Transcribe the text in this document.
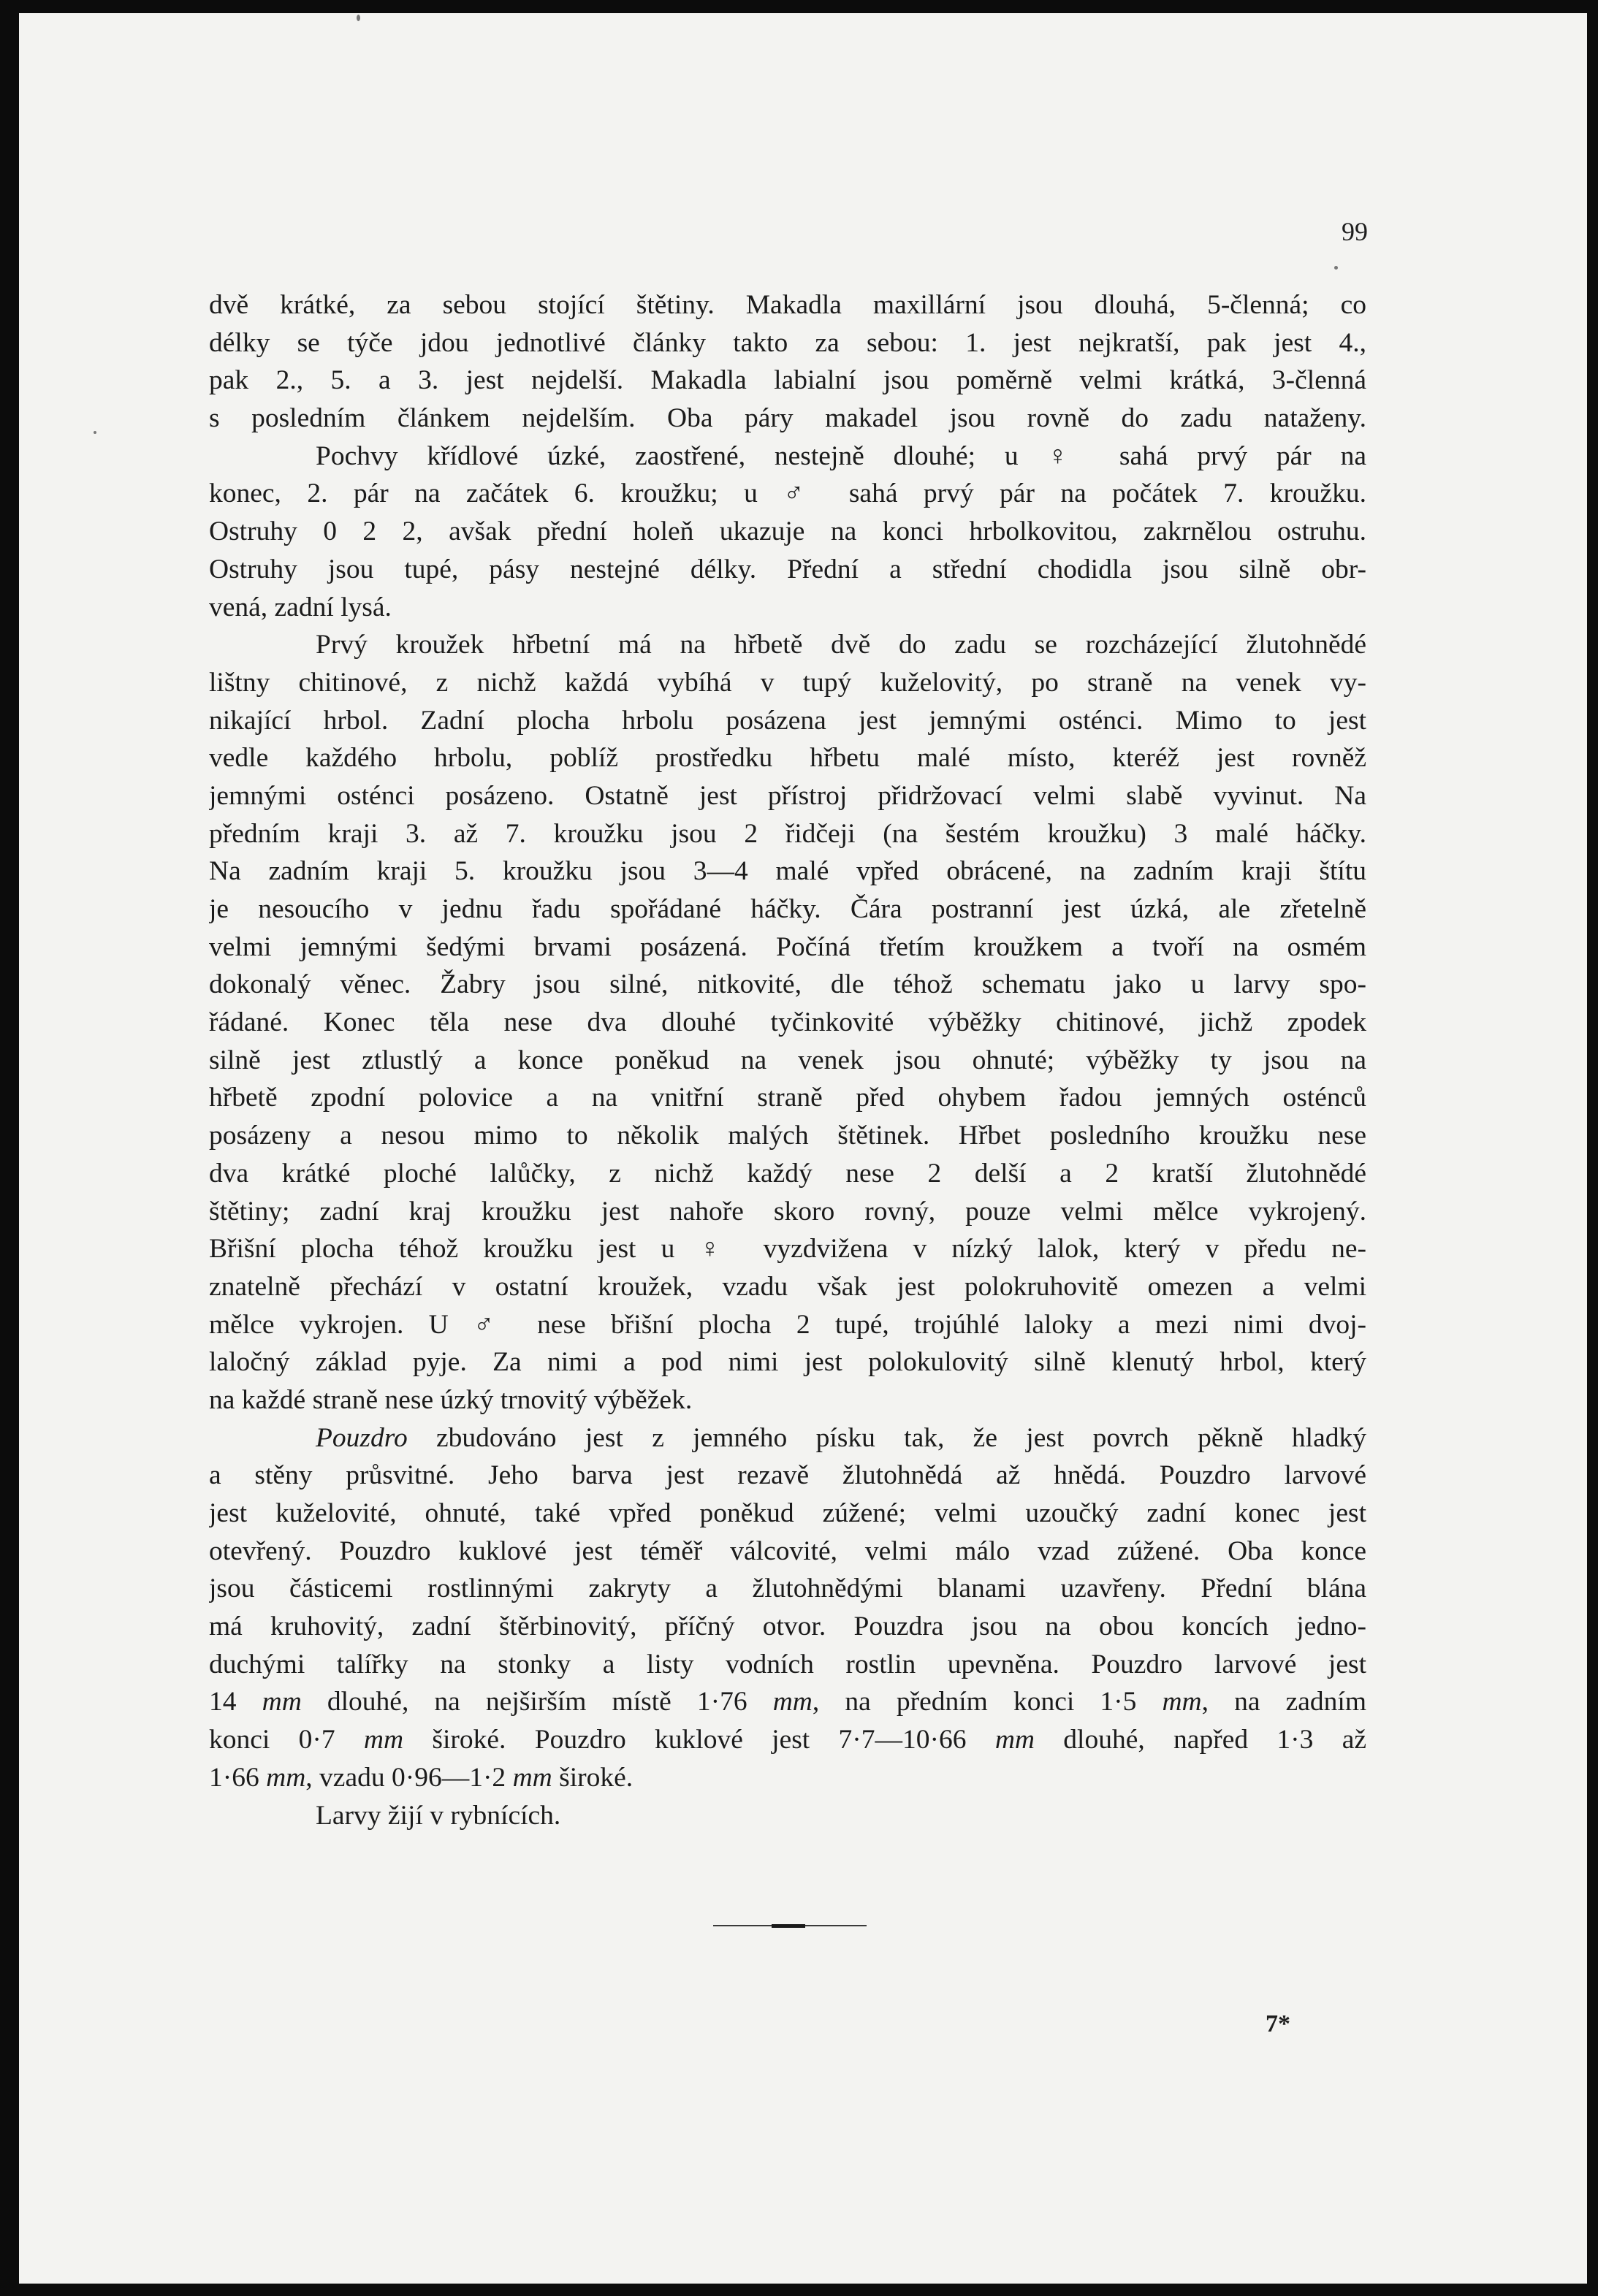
99
dvě krátké, za sebou stojící štětiny. Makadla maxillární jsou dlouhá, 5-členná; co
délky se týče jdou jednotlivé články takto za sebou: 1. jest nejkratší, pak jest 4.,
pak 2., 5. a 3. jest nejdelší. Makadla labialní jsou poměrně velmi krátká, 3-členná
s posledním článkem nejdelším. Oba páry makadel jsou rovně do zadu nataženy.
Pochvy křídlové úzké, zaostřené, nestejně dlouhé; u ♀ sahá prvý pár na
konec, 2. pár na začátek 6. kroužku; u ♂ sahá prvý pár na počátek 7. kroužku.
Ostruhy 0 2 2, avšak přední holeň ukazuje na konci hrbolkovitou, zakrnělou ostruhu.
Ostruhy jsou tupé, pásy nestejné délky. Přední a střední chodidla jsou silně obr-
vená, zadní lysá.
Prvý kroužek hřbetní má na hřbetě dvě do zadu se rozcházející žlutohnědé
lištny chitinové, z nichž každá vybíhá v tupý kuželovitý, po straně na venek vy-
nikající hrbol. Zadní plocha hrbolu posázena jest jemnými osténci. Mimo to jest
vedle každého hrbolu, poblíž prostředku hřbetu malé místo, kteréž jest rovněž
jemnými osténci posázeno. Ostatně jest přístroj přidržovací velmi slabě vyvinut. Na
předním kraji 3. až 7. kroužku jsou 2 řidčeji (na šestém kroužku) 3 malé háčky.
Na zadním kraji 5. kroužku jsou 3—4 malé vpřed obrácené, na zadním kraji štítu
je nesoucího v jednu řadu spořádané háčky. Čára postranní jest úzká, ale zřetelně
velmi jemnými šedými brvami posázená. Počíná třetím kroužkem a tvoří na osmém
dokonalý věnec. Žabry jsou silné, nitkovité, dle téhož schematu jako u larvy spo-
řádané. Konec těla nese dva dlouhé tyčinkovité výběžky chitinové, jichž zpodek
silně jest ztlustlý a konce poněkud na venek jsou ohnuté; výběžky ty jsou na
hřbetě zpodní polovice a na vnitřní straně před ohybem řadou jemných osténců
posázeny a nesou mimo to několik malých štětinek. Hřbet posledního kroužku nese
dva krátké ploché lalůčky, z nichž každý nese 2 delší a 2 kratší žlutohnědé
štětiny; zadní kraj kroužku jest nahoře skoro rovný, pouze velmi mělce vykrojený.
Břišní plocha téhož kroužku jest u ♀ vyzdvižena v nízký lalok, který v předu ne-
znatelně přechází v ostatní kroužek, vzadu však jest polokruhovitě omezen a velmi
mělce vykrojen. U ♂ nese břišní plocha 2 tupé, trojúhlé laloky a mezi nimi dvoj-
laločný základ pyje. Za nimi a pod nimi jest polokulovitý silně klenutý hrbol, který
na každé straně nese úzký trnovitý výběžek.
Pouzdro zbudováno jest z jemného písku tak, že jest povrch pěkně hladký
a stěny průsvitné. Jeho barva jest rezavě žlutohnědá až hnědá. Pouzdro larvové
jest kuželovité, ohnuté, také vpřed poněkud zúžené; velmi uzoučký zadní konec jest
otevřený. Pouzdro kuklové jest téměř válcovité, velmi málo vzad zúžené. Oba konce
jsou částicemi rostlinnými zakryty a žlutohnědými blanami uzavřeny. Přední blána
má kruhovitý, zadní štěrbinovitý, příčný otvor. Pouzdra jsou na obou koncích jedno-
duchými talířky na stonky a listy vodních rostlin upevněna. Pouzdro larvové jest
14 mm dlouhé, na nejširším místě 1·76 mm, na předním konci 1·5 mm, na zadním
konci 0·7 mm široké. Pouzdro kuklové jest 7·7—10·66 mm dlouhé, napřed 1·3 až
1·66 mm, vzadu 0·96—1·2 mm široké.
Larvy žijí v rybnících.
7*
